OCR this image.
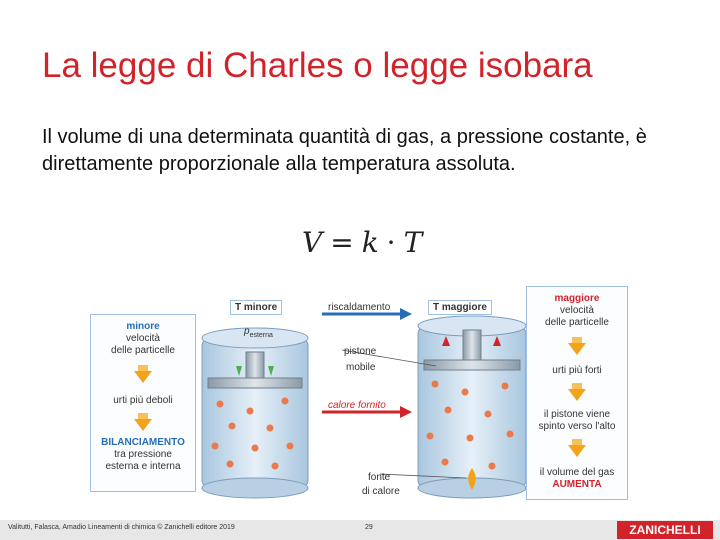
La legge di Charles o legge isobara
Il volume di una determinata quantità di gas, a pressione costante, è direttamente proporzionale alla temperatura assoluta.
V = k · T
minore
velocità
delle particelle
urti più deboli
BILANCIAMENTO
tra pressione
esterna e interna
T minore
$p_{esterna}$
riscaldamento	T maggiore
pistone
mobile
calore fornito
fonte
di calore
maggiore
velocità
delle particelle
urti più forti
il pistone viene
spinto verso l'alto
il volume del gas
AUMENTA
Valitutti, Falasca, Amadio Lineamenti di chimica © Zanichelli editore 2019	29	ZANICHELLI
